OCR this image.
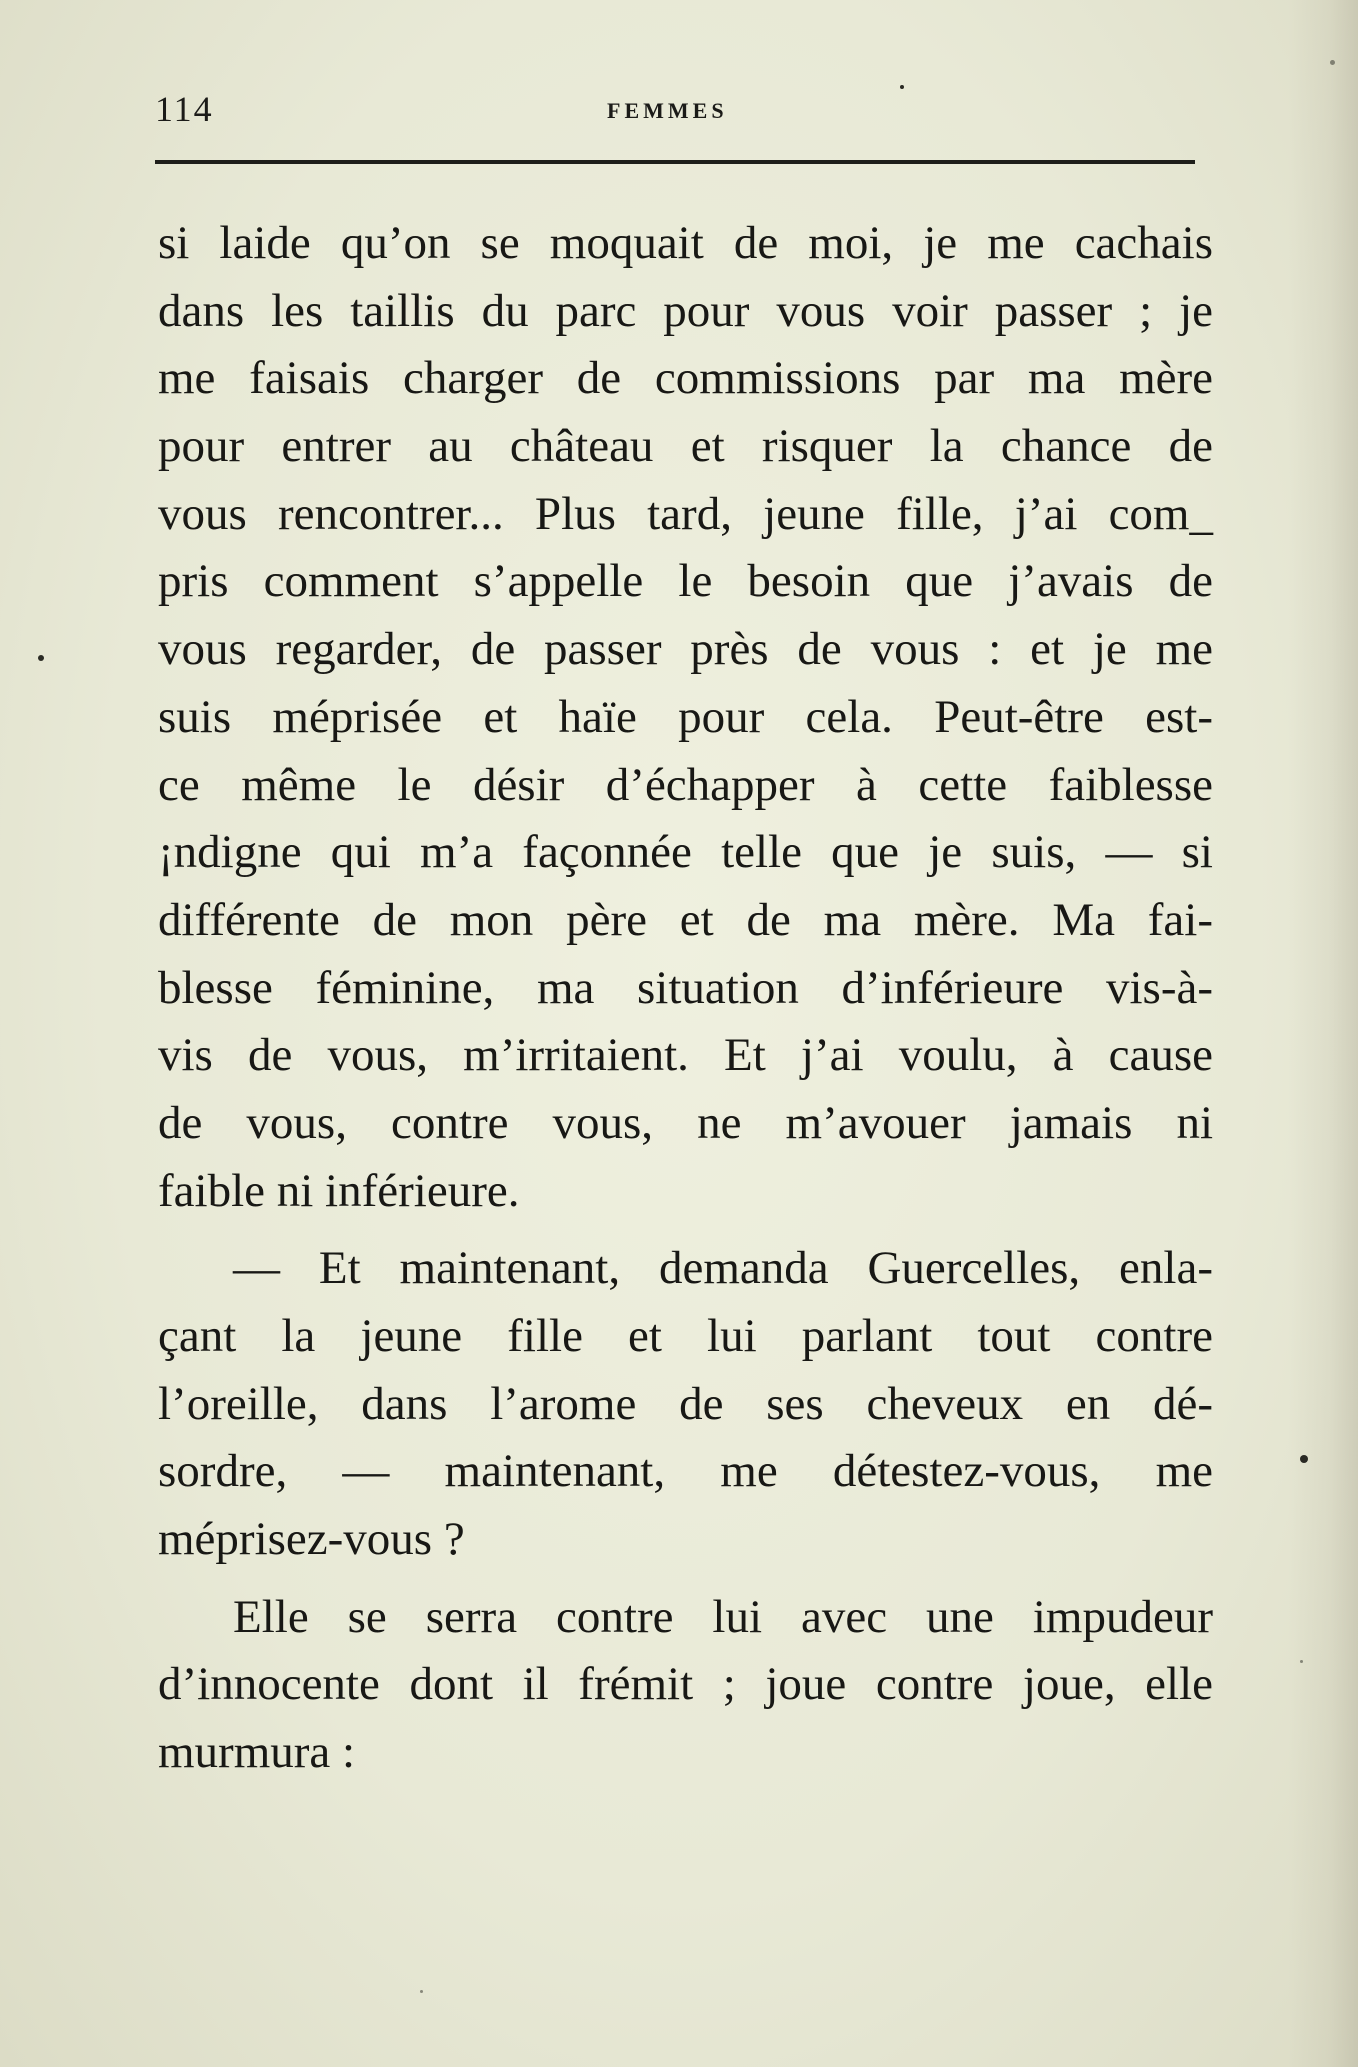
114	FEMMES
si laide qu’on se moquait de moi, je me cachais
dans les taillis du parc pour vous voir passer ; je
me faisais charger de commissions par ma mère
pour entrer au château et risquer la chance de
vous rencontrer... Plus tard, jeune fille, j’ai com_
pris comment s’appelle le besoin que j’avais de
vous regarder, de passer près de vous : et je me
suis méprisée et haïe pour cela. Peut-être est-
ce même le désir d’échapper à cette faiblesse
¡ndigne qui m’a façonnée telle que je suis, — si
différente de mon père et de ma mère. Ma fai-
blesse féminine, ma situation d’inférieure vis-à-
vis de vous, m’irritaient. Et j’ai voulu, à cause
de vous, contre vous, ne m’avouer jamais ni
faible ni inférieure.
— Et maintenant, demanda Guercelles, enla-
çant la jeune fille et lui parlant tout contre
l’oreille, dans l’arome de ses cheveux en dé-
sordre, — maintenant, me détestez-vous, me
méprisez-vous ?
Elle se serra contre lui avec une impudeur
d’innocente dont il frémit ; joue contre joue, elle
murmura :
